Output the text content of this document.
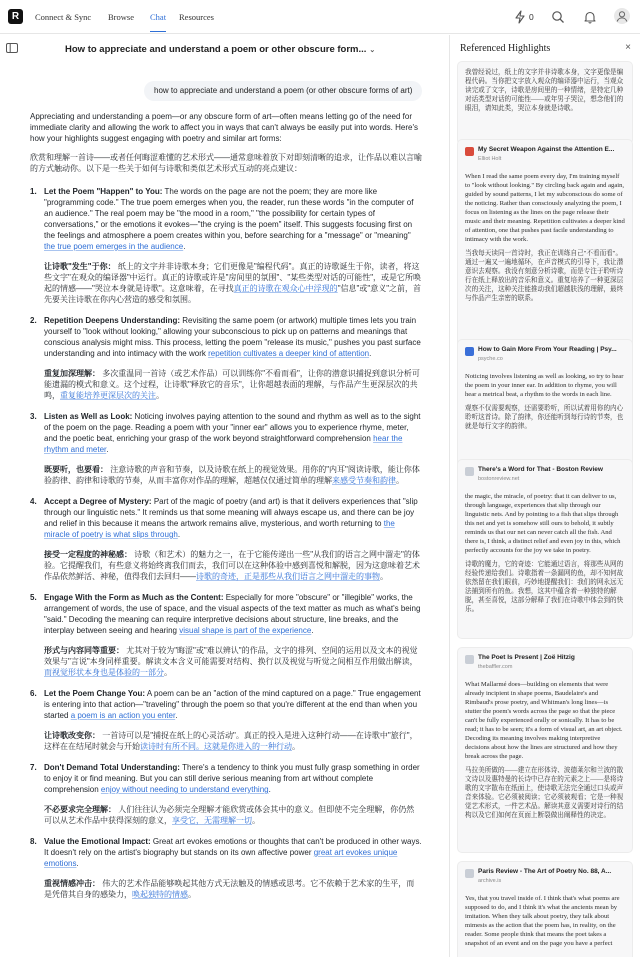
R	Connect & Sync Browse Chat Resources	0
How to appreciate and understand a poem or other obscure form... ⌄
how to appreciate and understand a poem (or other obscure forms of art)

Appreciating and understanding a poem—or any obscure form of art—often means letting go of the need for immediate clarity and allowing the work to affect you in ways that can't always be easily put into words. Here's how your highlights suggest engaging with poetry and similar art forms:

欣赏和理解一首诗——或者任何晦涩难懂的艺术形式——通常意味着放下对即刻清晰的追求，让作品以难以言喻的方式触动你。以下是一些关于如何与诗歌和类似艺术形式互动的亮点建议：

1. Let the Poem "Happen" to You: The words on the page are not the poem; they are more like "programming code." The true poem emerges when you, the reader, run these words "in the computer of an audience." The real poem may be "the mood in a room," "the possibility for certain types of conversations," or the emotions it evokes—"the crying is the poem" itself. This suggests focusing first on the feelings and atmosphere a poem creates within you, before searching for a "message" or "meaning" the true poem emerges in the audience.
让诗歌"发生"于你： 纸上的文字并非诗歌本身；它们更像是"编程代码"。真正的诗歌诞生于你，读者，将这些文字"在观众的编译器"中运行。真正的诗歌或许是"房间里的氛围"、"某些类型对话的可能性"，或是它所唤起的情感——"哭泣本身就是诗歌"。这意味着，在寻找真正的诗歌在观众心中浮现的"信息"或"意义"之前，首先要关注诗歌在你内心营造的感受和氛围。
2. Repetition Deepens Understanding: Revisiting the same poem (or artwork) multiple times lets you train yourself to "look without looking," allowing your subconscious to pick up on patterns and meanings that conscious analysis might miss. This process, letting the poem "release its music," pushes you past surface understanding and into intimacy with the work repetition cultivates a deeper kind of attention.
重复加深理解： 多次重温同一首诗（或艺术作品）可以训练你"不看而看"，让你的潜意识捕捉到意识分析可能遗漏的模式和意义。这个过程，让诗歌"释放它的音乐"，让你超越表面的理解，与作品产生更深层次的共鸣，重复能培养更深层次的关注。
3. Listen as Well as Look: Noticing involves paying attention to the sound and rhythm as well as to the sight of the poem on the page. Reading a poem with your "inner ear" allows you to experience rhyme, meter, and the poetic beat, enriching your grasp of the work beyond straightforward comprehension hear the rhythm and meter.
既要听，也要看： 注意诗歌的声音和节奏，以及诗歌在纸上的视觉效果。用你的"内耳"阅读诗歌，能让你体验韵律、韵律和诗歌的节奏，从而丰富你对作品的理解，超越仅仅通过简单的理解来感受节奏和韵律。
4. Accept a Degree of Mystery: Part of the magic of poetry (and art) is that it delivers experiences that "slip through our linguistic nets." It reminds us that some meaning will always escape us, and there can be joy and relief in this because it means the artwork remains alive, mysterious, and worth returning to the miracle of poetry is what slips through.
接受一定程度的神秘感： 诗歌（和艺术）的魅力之一，在于它能传递出一些"从我们的语言之网中溜走"的体验。它提醒我们，有些意义将始终离我们而去，我们可以在这种体验中感到喜悦和解脱，因为这意味着艺术作品依然鲜活、神秘，值得我们去回归——诗歌的奇迹，正是那些从我们语言之网中溜走的事物。
5. Engage With the Form as Much as the Content: Especially for more "obscure" or "illegible" works, the arrangement of words, the use of space, and the visual aspects of the text matter as much as what's being "said." Decoding the meaning can require interpretive decisions about structure, line breaks, and the interplay between seeing and hearing visual shape is part of the experience.
形式与内容同等重要： 尤其对于较为"晦涩"或"难以辨认"的作品，文字的排列、空间的运用以及文本的视觉效果与"言说"本身同样重要。解读文本含义可能需要对结构、换行以及视觉与听觉之间相互作用做出解读，而视觉形状本身也是体验的一部分。
6. Let the Poem Change You: A poem can be an "action of the mind captured on a page." True engagement is entering into that action—"traveling" through the poem so that you're different at the end than when you started a poem is an action you enter.
让诗歌改变你： 一首诗可以是"捕捉在纸上的心灵活动"。真正的投入是进入这种行动——在诗歌中"旅行"，这样在在结尾时就会与开始读诗时有所不同。这就是你进入的一种行动。
7. Don't Demand Total Understanding: There's a tendency to think you must fully grasp something in order to enjoy it or find meaning. But you can still derive serious meaning from art without complete comprehension enjoy without needing to understand everything.
不必要求完全理解： 人们往往认为必须完全理解才能欣赏或体会其中的意义。但即使不完全理解，你仍然可以从艺术作品中获得深刻的意义，享受它，无需理解一切。
8. Value the Emotional Impact: Great art evokes emotions or thoughts that can't be produced in other ways. It doesn't rely on the artist's biography but stands on its own affective power great art evokes unique emotions.
重视情感冲击： 伟大的艺术作品能够唤起其他方式无法触及的情感或思考。它不依赖于艺术家的生平，而是凭借其自身的感染力，唤起独特的情感。
Referenced Highlights	×
我曾经说过，纸上的文字并非诗歌本身，文字更像是编程代码。当你把文字放入观众的编译器中运行，当观众读完或了文字，诗歌是房间里的一种情绪，是特定几种对话类型对话的可能性——或年男子哭泣，想念他们的眼泪，请知此类，哭泣本身就是诗歌。
My Secret Weapon Against the Attention E...
Elliot Holt
When I read the same poem every day, I'm training myself to "look without looking." By circling back again and again, guided by sound patterns, I let my subconscious do some of the noticing. Rather than consciously analyzing the poem, I focus on listening as the lines on the page release their music and their meaning. Repetition cultivates a deeper kind of attention, one that pushes past facile understanding to intimacy with the work.
当我每天读同一首诗时，我正在训练自己"不看而看"。通过一遍又一遍地循环，在声音模式的引导下，我让潜意识去观察。我没有刻意分析诗歌，而是专注于聆听诗行在纸上释放出的音乐和意义。重复培养了一种更深层次的关注，这种关注能推动我们超越肤浅的理解，最终与作品产生亲密的联系。
How to Gain More From Your Reading | Psy...
psyche.co
Noticing involves listening as well as looking, so try to hear the poem in your inner ear. In addition to rhyme, you will hear a metrical beat, a rhythm to the words in each line.
观察不仅需要观察，还需要聆听，所以试着用你的内心聆听这首诗。除了韵律，你还能听到每行诗的节奏，也就是每行文字的韵律。
There's a Word for That - Boston Review
bostonreview.net
the magic, the miracle, of poetry: that it can deliver to us, through language, experiences that slip through our linguistic nets. And by pointing to a fish that slips through this net and yet is somehow still ours to behold, it subtly reminds us that our net can never catch all the fish. And there is, I think, a distinct relief and even joy in this, which perfectly accounts for the joy we take in poetry.
诗歌的魔力，它的奇迹：它能通过语言，将那些从网的经验传递给我们。诗歌指着一条漏网的鱼，却不知何故依然留在我们眼前，巧妙地提醒我们：我们的网永远无法捕到所有的鱼。我想，这其中蕴含着一种独特的解脱，甚至喜悦，这部分解释了我们在诗歌中体会到的快乐。
The Poet Is Present | Zoë Hitzig
thebaffler.com
What Mallarmé does—building on elements that were already incipient in shape poems, Baudelaire's and Rimbaud's prose poetry, and Whitman's long lines—is stutter the poem's words across the page so that the piece can't be fully experienced orally or sonically. It has to be read; it has to be seen; it's a form of visual art, an art object. Decoding its meaning involves making interpretive decisions about how the lines are structured and how they break across the page.
马拉美所做的——建立在形体诗、波德莱尔和兰波的散文诗以及惠特曼的长诗中已存在的元素之上——是将诗歌的文字散布在纸面上，使诗歌无法完全通过口头或声音来体验。它必须被阅读；它必须被观看；它是一种视觉艺术形式，一件艺术品。解读其意义需要对诗行的结构以及它们如何在页面上断裂做出阐释性的决定。
Paris Review - The Art of Poetry No. 88, A...
archive.is
Yes, that you travel inside of. I think that's what poems are supposed to do, and I think it's what the ancients mean by imitation. When they talk about poetry, they talk about mimesis as the action that the poem has, in reality, on the reader. Some people think that means the poet takes a snapshot of an event and on the page you have a perfect
